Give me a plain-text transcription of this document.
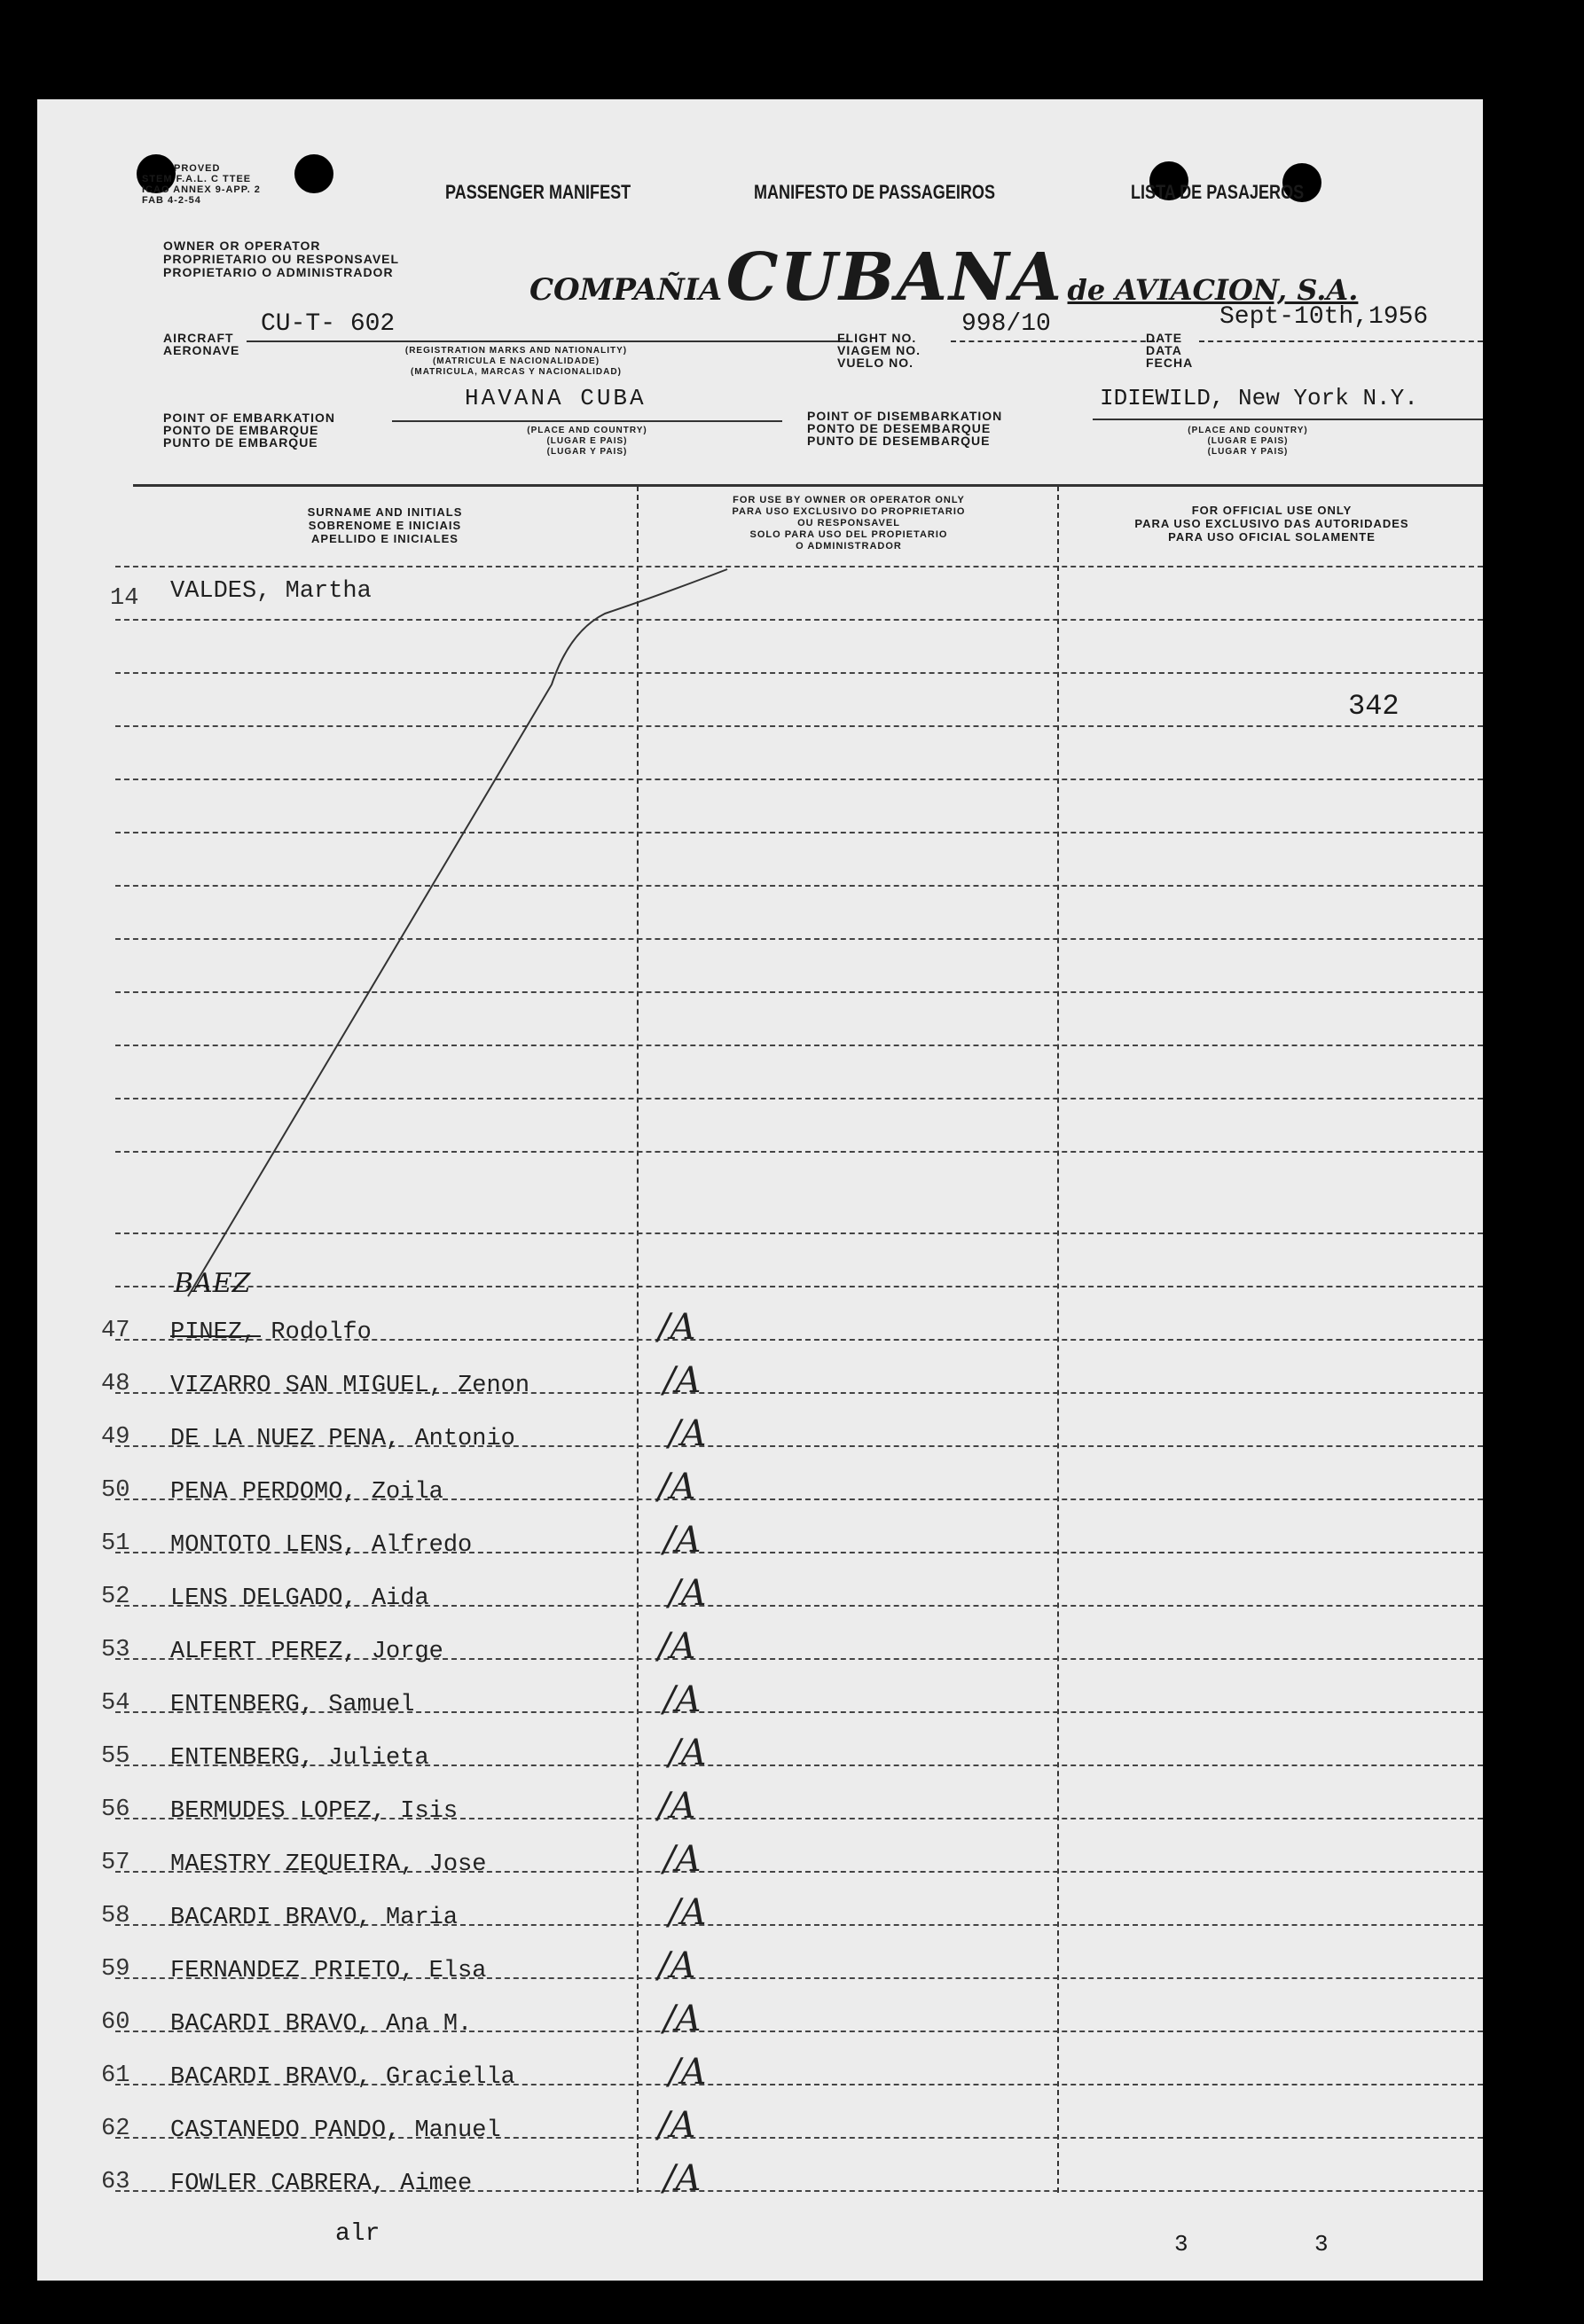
PROVED
STEM F.A.L. C TTEE
ICAO ANNEX 9-APP. 2
FAB 4-2-54	PASSENGER MANIFEST	MANIFESTO DE PASSAGEIROS	LISTA DE PASAJEROS
OWNER OR OPERATOR
PROPRIETARIO OU RESPONSAVEL
PROPIETARIO O ADMINISTRADOR	COMPAÑIA CUBANA de AVIACION, S.A.
AIRCRAFT
AERONAVE
CU-T- 602
(REGISTRATION MARKS AND NATIONALITY)
(MATRICULA E NACIONALIDADE)
(MATRICULA, MARCAS Y NACIONALIDAD)
FLIGHT NO.
VIAGEM NO.
VUELO NO.
998/10	DATE
DATA
FECHA
Sept-10th,1956
POINT OF EMBARKATION
PONTO DE EMBARQUE
PUNTO DE EMBARQUE
HAVANA CUBA
(PLACE AND COUNTRY)
(LUGAR E PAIS)
(LUGAR Y PAIS)
POINT OF DISEMBARKATION
PONTO DE DESEMBARQUE
PUNTO DE DESEMBARQUE
IDIEWILD, New York N.Y.
(PLACE AND COUNTRY)
(LUGAR E PAIS)
(LUGAR Y PAIS)
SURNAME AND INITIALS
SOBRENOME E INICIAIS
APELLIDO E INICIALES
FOR USE BY OWNER OR OPERATOR ONLY
PARA USO EXCLUSIVO DO PROPRIETARIO
OU RESPONSAVEL
SOLO PARA USO DEL PROPIETARIO
O ADMINISTRADOR
FOR OFFICIAL USE ONLY
PARA USO EXCLUSIVO DAS AUTORIDADES
PARA USO OFICIAL SOLAMENTE
14 VALDES, Martha
342
BAEZ
47 PINEZ, Rodolfo	/A
48 VIZARRO SAN MIGUEL, Zenon	/A
49 DE LA NUEZ PENA, Antonio	/A
50 PENA PERDOMO, Zoila	/A
51 MONTOTO LENS, Alfredo	/A
52 LENS DELGADO, Aida	/A
53 ALFERT PEREZ, Jorge	/A
54 ENTENBERG, Samuel	/A
55 ENTENBERG, Julieta	/A
56 BERMUDES LOPEZ, Isis	/A
57 MAESTRY ZEQUEIRA, Jose	/A
58 BACARDI BRAVO, Maria	/A
59 FERNANDEZ PRIETO, Elsa	/A
60 BACARDI BRAVO, Ana M.	/A
61 BACARDI BRAVO, Graciella	/A
62 CASTANEDO PANDO, Manuel	/A
63 FOWLER CABRERA, Aimee	/A
alr	3	3
